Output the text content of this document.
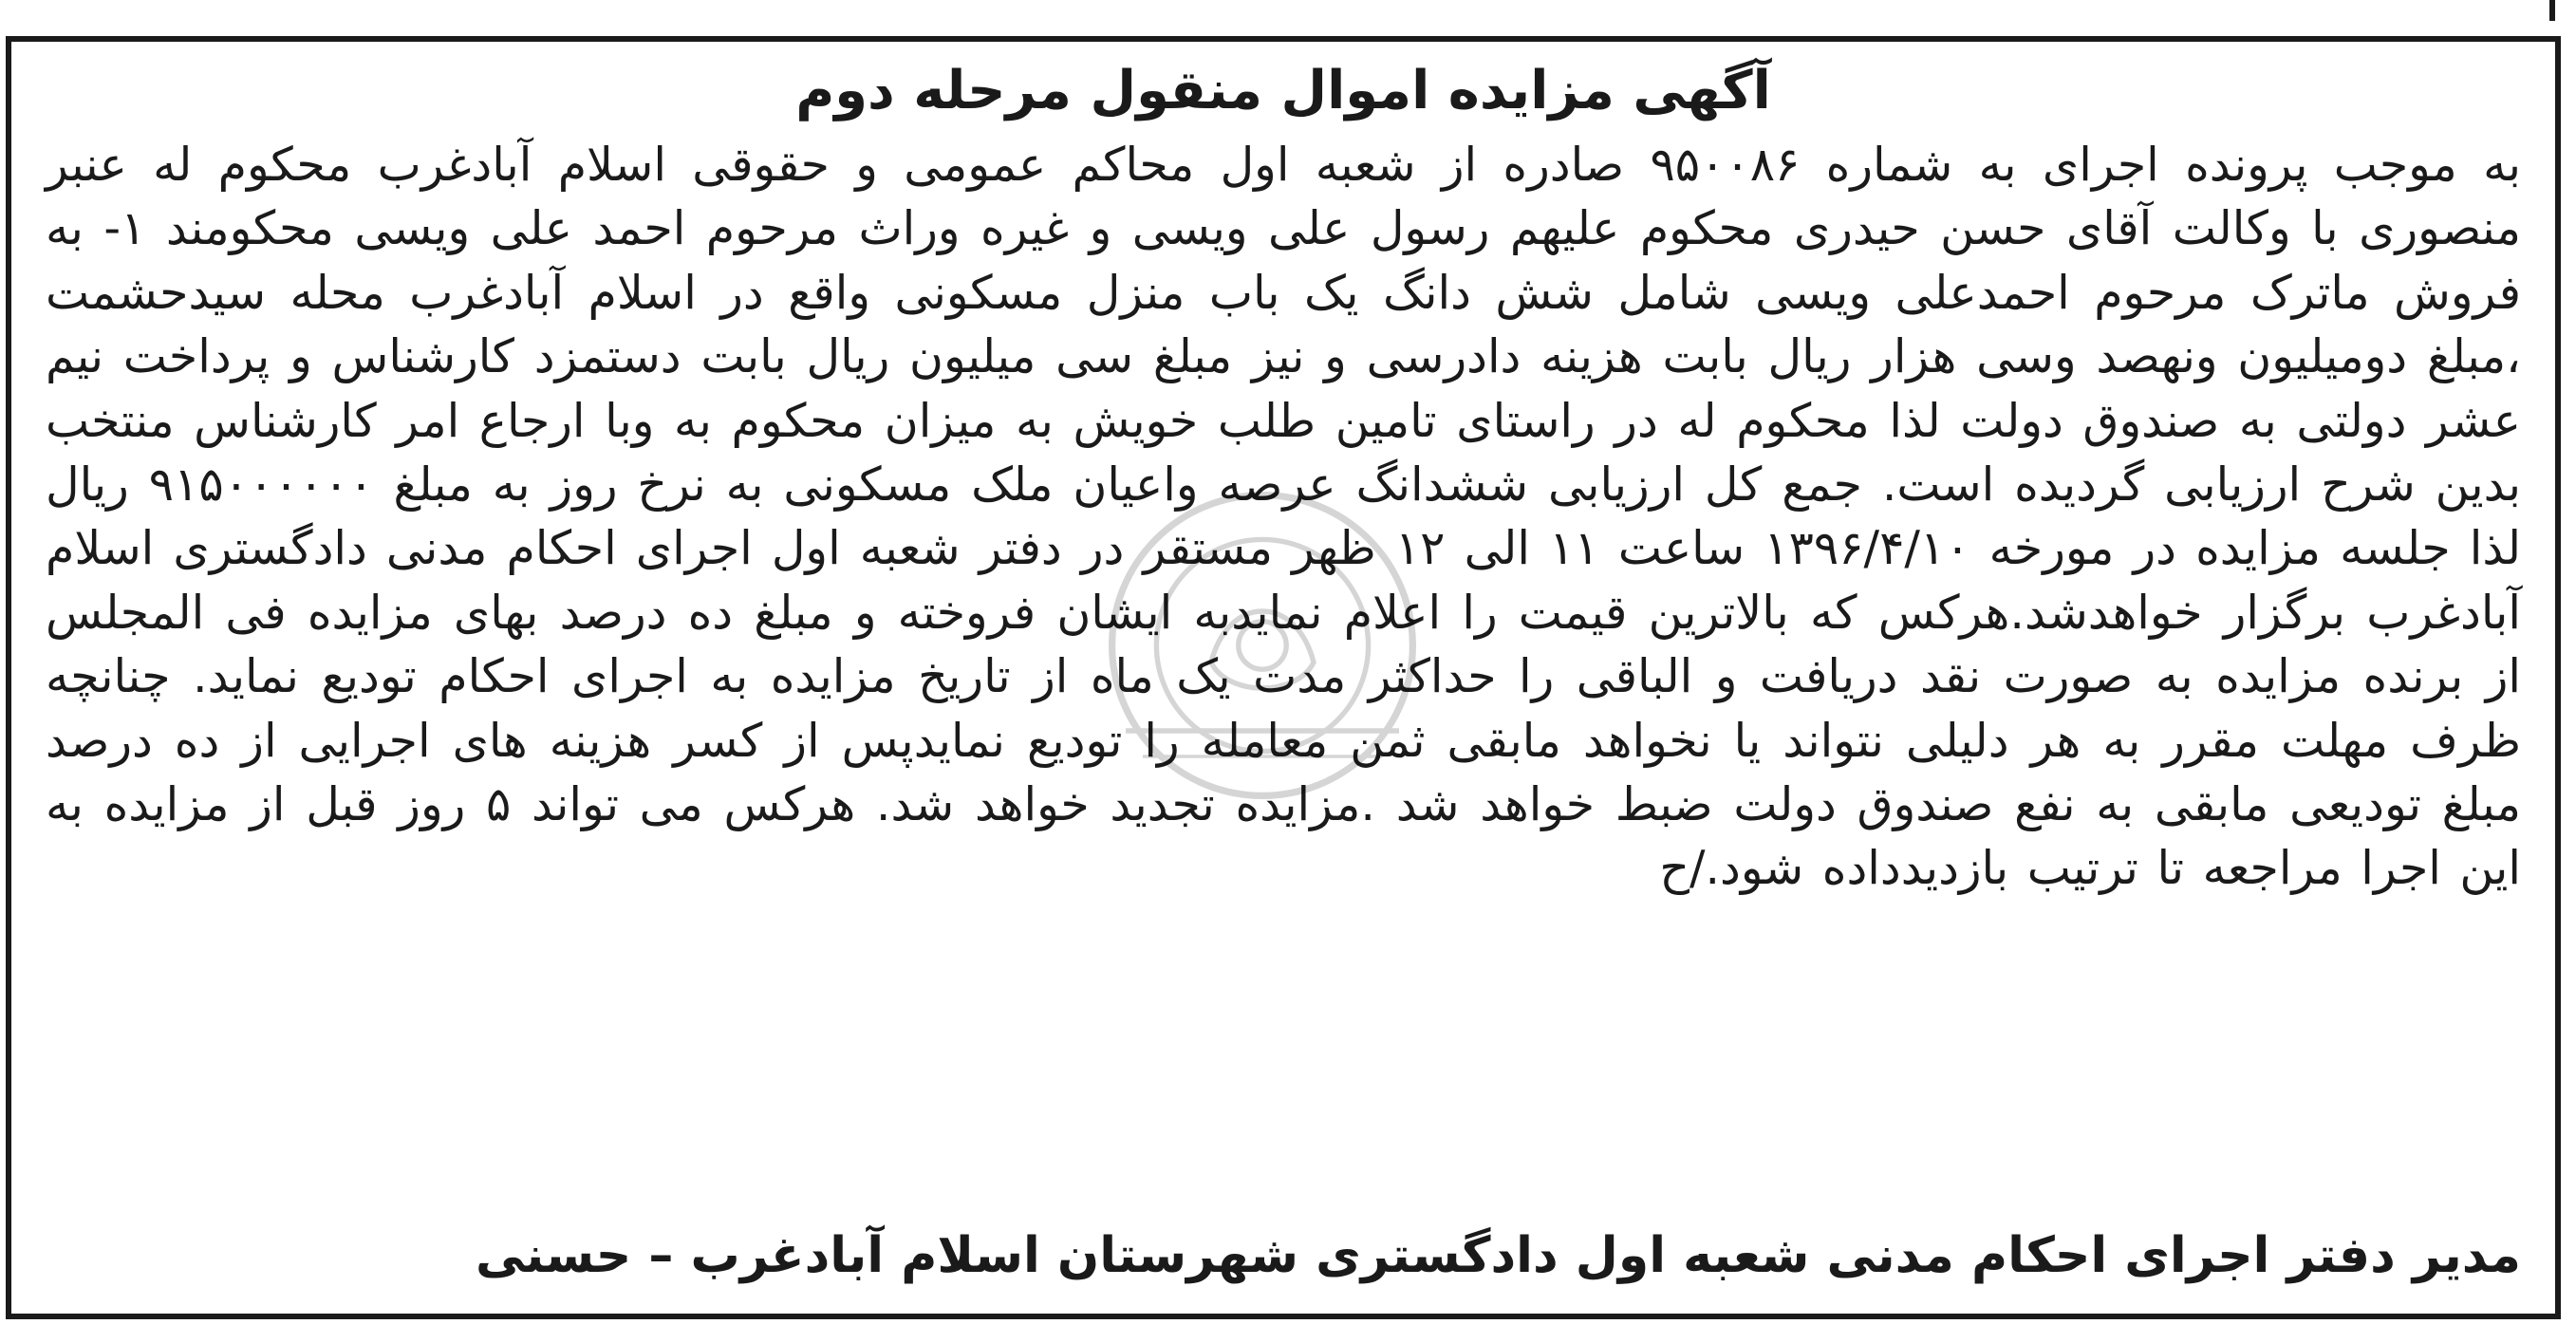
آگهی مزایده اموال منقول مرحله دوم

به موجب پرونده اجرای به شماره ۹۵۰۰۸۶ صادره از شعبه اول محاکم عمومی و حقوقی اسلام آبادغرب محکوم له عنبر منصوری با وکالت آقای حسن حیدری محکوم علیهم رسول علی ویسی و غیره وراث مرحوم احمد علی ویسی محکومند ۱- به فروش ماترک مرحوم احمدعلی ویسی شامل شش دانگ یک باب منزل مسکونی واقع در اسلام آبادغرب محله سیدحشمت ،مبلغ دومیلیون ونهصد وسی هزار ریال بابت هزینه دادرسی و نیز مبلغ سی میلیون ریال بابت دستمزد کارشناس و پرداخت نیم عشر دولتی به صندوق دولت لذا محکوم له در راستای تامین طلب خویش به میزان محکوم به وبا ارجاع امر کارشناس منتخب بدین شرح ارزیابی گردیده است. جمع کل ارزیابی ششدانگ عرصه واعیان ملک مسکونی به نرخ روز به مبلغ ۹۱۵۰۰۰۰۰۰ ریال لذا جلسه مزایده در مورخه ۱۳۹۶/۴/۱۰ ساعت ۱۱ الی ۱۲ ظهر مستقر در دفتر شعبه اول اجرای احکام مدنی دادگستری اسلام آبادغرب برگزار خواهدشد.هرکس که بالاترین قیمت را اعلام نمایدبه ایشان فروخته و مبلغ ده درصد بهای مزایده فی المجلس از برنده مزایده به صورت نقد دریافت و الباقی را حداکثر مدت یک ماه از تاریخ مزایده به اجرای احکام تودیع نماید. چنانچه ظرف مهلت مقرر به هر دلیلی نتواند یا نخواهد مابقی ثمن معامله را تودیع نمایدپس از کسر هزینه های اجرایی از ده درصد مبلغ تودیعی مابقی به نفع صندوق دولت ضبط خواهد شد .مزایده تجدید خواهد شد. هرکس می تواند ۵ روز قبل از مزایده به این اجرا مراجعه تا ترتیب بازدیدداده شود./ح

مدیر دفتر اجرای احکام مدنی شعبه اول دادگستری شهرستان اسلام آبادغرب – حسنی
